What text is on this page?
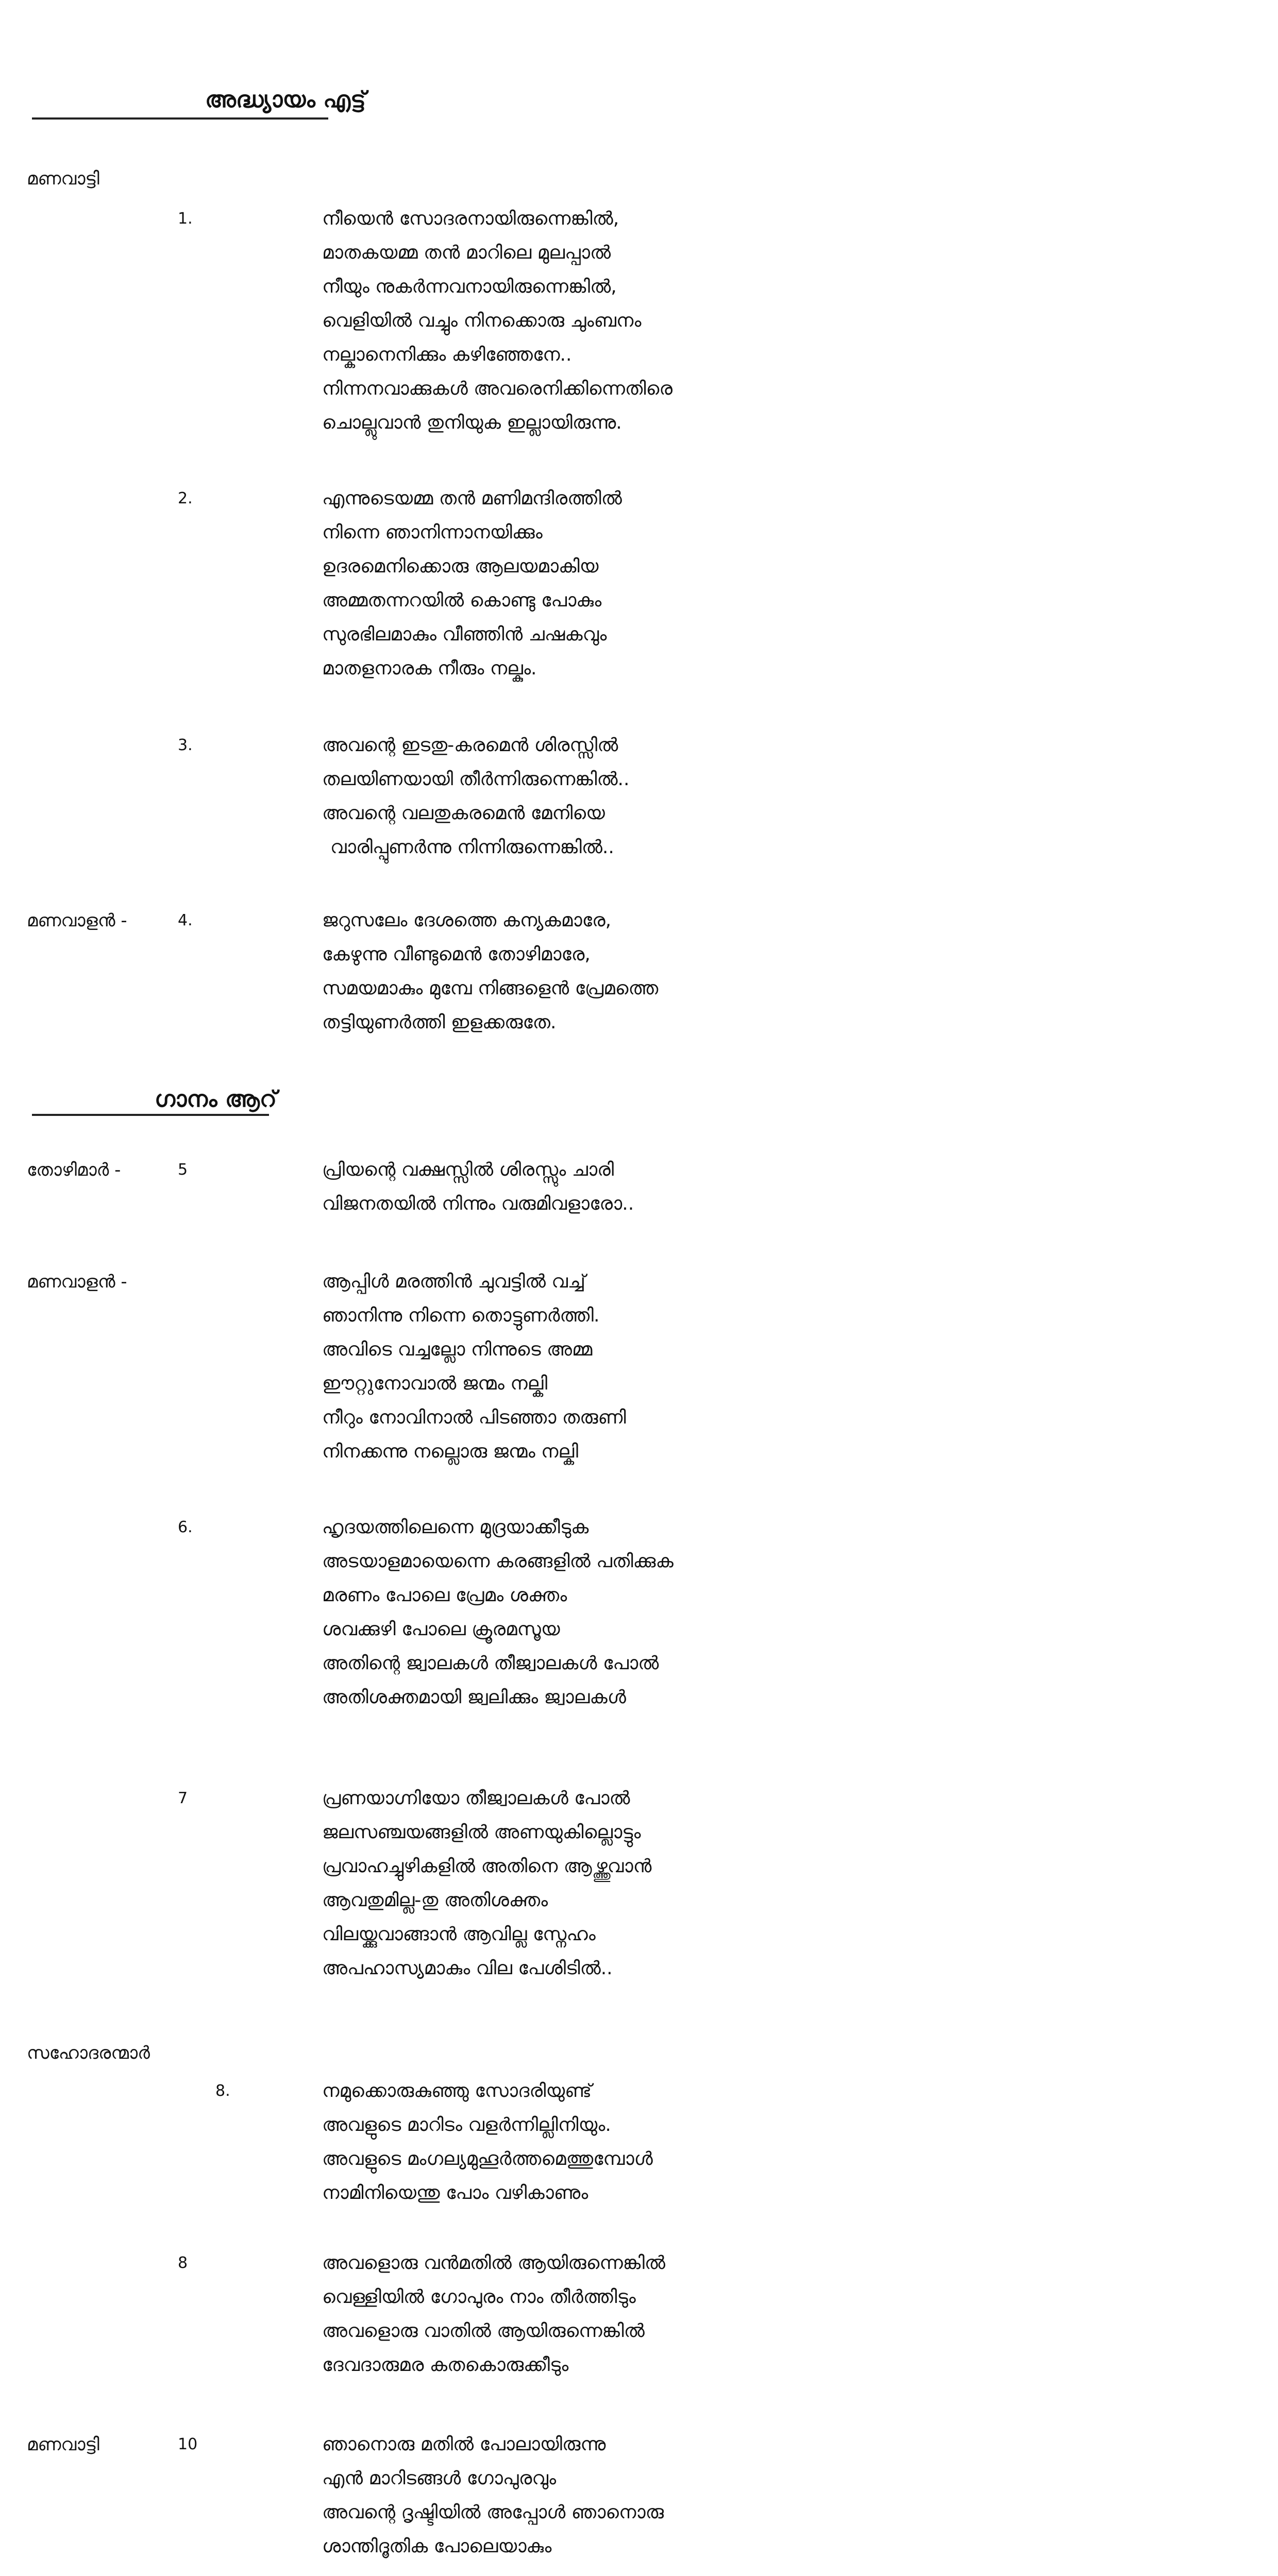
അദ്ധ്യായം എട്ട്
ഗാനം ആറ്
മണവാട്ടി
മണവാളൻ -
തോഴിമാർ -
മണവാളൻ -
സഹോദരന്മാർ
മണവാട്ടി
1.
2.
3.
4.
5
6.
7
8.
8
10
നീയെൻ സോദരനായിരുന്നെങ്കിൽ,
മാതകയമ്മ തൻ മാറിലെ മുലപ്പാൽ
നീയും നുകർന്നവനായിരുന്നെങ്കിൽ,
വെളിയിൽ വച്ചും നിനക്കൊരു ചുംബനം
നല്കാനെനിക്കും കഴിഞ്ഞേനേ..
നിന്നനവാക്കുകൾ അവരെനിക്കിന്നെതിരെ
ചൊല്ലുവാൻ തുനിയുക ഇല്ലായിരുന്നു.
എന്നുടെയമ്മ തൻ മണിമന്ദിരത്തിൽ
നിന്നെ ഞാനിന്നാനയിക്കും
ഉദരമെനിക്കൊരു ആലയമാകിയ
അമ്മതന്നറയിൽ കൊണ്ടു പോകും
സുരഭിലമാകും വീഞ്ഞിൻ ചഷകവും
മാതളനാരക നീരും നല്കും.
അവന്റെ ഇടതു-കരമെൻ ശിരസ്സിൽ
തലയിണയായി തീർന്നിരുന്നെങ്കിൽ..
അവന്റെ വലതുകരമെൻ മേനിയെ
വാരിപ്പുണർന്നു നിന്നിരുന്നെങ്കിൽ..
ജറുസലേം ദേശത്തെ കന്യകമാരേ,
കേഴുന്നു വീണ്ടുമെൻ തോഴിമാരേ,
സമയമാകും മുമ്പേ നിങ്ങളെൻ പ്രേമത്തെ
തട്ടിയുണർത്തി ഇളക്കരുതേ.
പ്രിയന്റെ വക്ഷസ്സിൽ ശിരസ്സും ചാരി
വിജനതയിൽ നിന്നും വരുമിവളാരോ..
ആപ്പിൾ മരത്തിൻ ചുവട്ടിൽ വച്ച്
ഞാനിന്നു നിന്നെ തൊട്ടുണർത്തി.
അവിടെ വച്ചല്ലോ നിന്നുടെ അമ്മ
ഈറ്റുനോവാൽ ജന്മം നല്കി
നീറും നോവിനാൽ പിടഞ്ഞാ തരുണി
നിനക്കന്നു നല്ലൊരു ജന്മം നല്കി
ഹൃദയത്തിലെന്നെ മുദ്രയാക്കീടുക
അടയാളമായെന്നെ കരങ്ങളിൽ പതിക്കുക
മരണം പോലെ പ്രേമം ശക്തം
ശവക്കുഴി പോലെ ക്രൂരമസൂയ
അതിന്റെ ജ്വാലകൾ തീജ്വാലകൾ പോൽ
അതിശക്തമായി ജ്വലിക്കും ജ്വാലകൾ
പ്രണയാഗ്നിയോ തീജ്വാലകൾ പോൽ
ജലസഞ്ചയങ്ങളിൽ അണയുകില്ലൊട്ടും
പ്രവാഹച്ചുഴികളിൽ അതിനെ ആഴ്ത്തുവാൻ
ആവതുമില്ല-തു അതിശക്തം
വിലയ്ക്കുവാങ്ങാൻ ആവില്ല സ്നേഹം
അപഹാസ്യമാകും വില പേശിടിൽ..
നമുക്കൊരുകുഞ്ഞു സോദരിയുണ്ട്
അവളുടെ മാറിടം വളർന്നില്ലിനിയും.
അവളുടെ മംഗല്യമുഹൂർത്തമെത്തുമ്പോൾ
നാമിനിയെന്തു പോം വഴികാണും
അവളൊരു വൻമതിൽ ആയിരുന്നെങ്കിൽ
വെള്ളിയിൽ ഗോപുരം നാം തീർത്തിടും
അവളൊരു വാതിൽ ആയിരുന്നെങ്കിൽ
ദേവദാരുമര കതകൊരുക്കീടും
ഞാനൊരു മതിൽ പോലായിരുന്നു
എൻ മാറിടങ്ങൾ ഗോപുരവും
അവന്റെ ദൃഷ്ടിയിൽ അപ്പോൾ ഞാനൊരു
ശാന്തിദൂതിക പോലെയാകും
